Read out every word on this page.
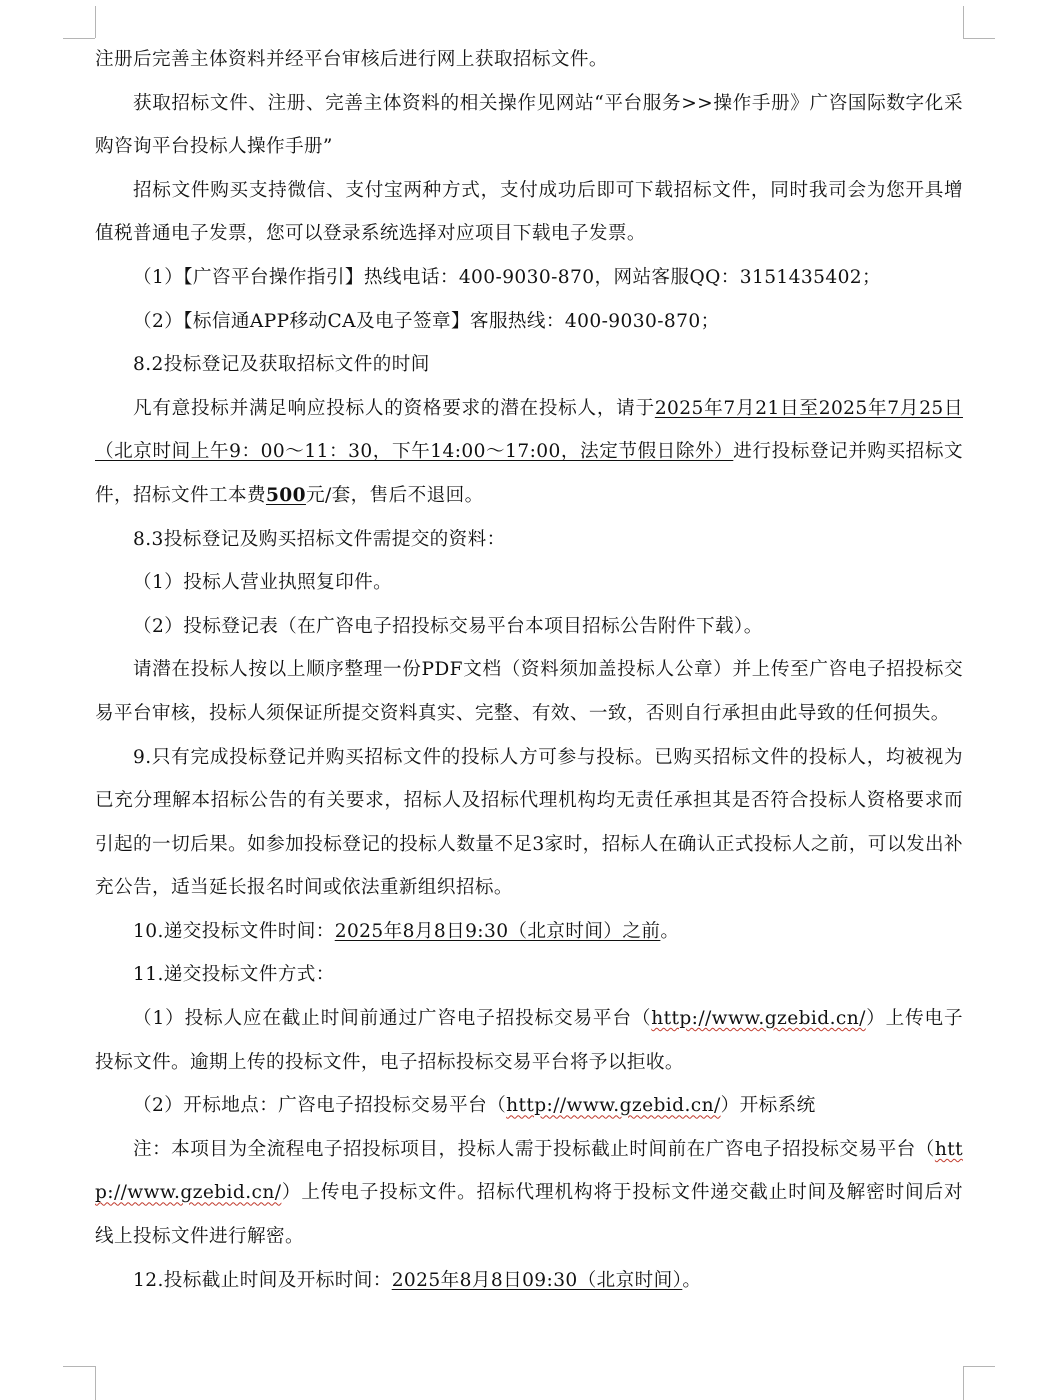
注册后完善主体资料并经平台审核后进行网上获取招标文件。

获取招标文件、注册、完善主体资料的相关操作见网站“平台服务>>操作手册》广咨国际数字化采购咨询平台投标人操作手册”

招标文件购买支持微信、支付宝两种方式，支付成功后即可下载招标文件，同时我司会为您开具增值税普通电子发票，您可以登录系统选择对应项目下载电子发票。

（1）【广咨平台操作指引】热线电话：400-9030-870，网站客服QQ：3151435402；

（2）【标信通APP移动CA及电子签章】客服热线：400-9030-870；

8.2投标登记及获取招标文件的时间

凡有意投标并满足响应投标人的资格要求的潜在投标人，请于2025年7月21日至2025年7月25日（北京时间上午9：00～11：30，下午14:00～17:00，法定节假日除外）进行投标登记并购买招标文件，招标文件工本费500元/套，售后不退回。

8.3投标登记及购买招标文件需提交的资料：

（1）投标人营业执照复印件。

（2）投标登记表（在广咨电子招投标交易平台本项目招标公告附件下载）。

请潜在投标人按以上顺序整理一份PDF文档（资料须加盖投标人公章）并上传至广咨电子招投标交易平台审核，投标人须保证所提交资料真实、完整、有效、一致，否则自行承担由此导致的任何损失。

9.只有完成投标登记并购买招标文件的投标人方可参与投标。已购买招标文件的投标人，均被视为已充分理解本招标公告的有关要求，招标人及招标代理机构均无责任承担其是否符合投标人资格要求而引起的一切后果。如参加投标登记的投标人数量不足3家时，招标人在确认正式投标人之前，可以发出补充公告，适当延长报名时间或依法重新组织招标。

10.递交投标文件时间：2025年8月8日9:30（北京时间）之前。

11.递交投标文件方式：

（1）投标人应在截止时间前通过广咨电子招投标交易平台（http://www.gzebid.cn/）上传电子投标文件。逾期上传的投标文件，电子招标投标交易平台将予以拒收。

（2）开标地点：广咨电子招投标交易平台（http://www.gzebid.cn/）开标系统

注：本项目为全流程电子招投标项目，投标人需于投标截止时间前在广咨电子招投标交易平台（http://www.gzebid.cn/）上传电子投标文件。招标代理机构将于投标文件递交截止时间及解密时间后对线上投标文件进行解密。

12.投标截止时间及开标时间：2025年8月8日09:30（北京时间）。
